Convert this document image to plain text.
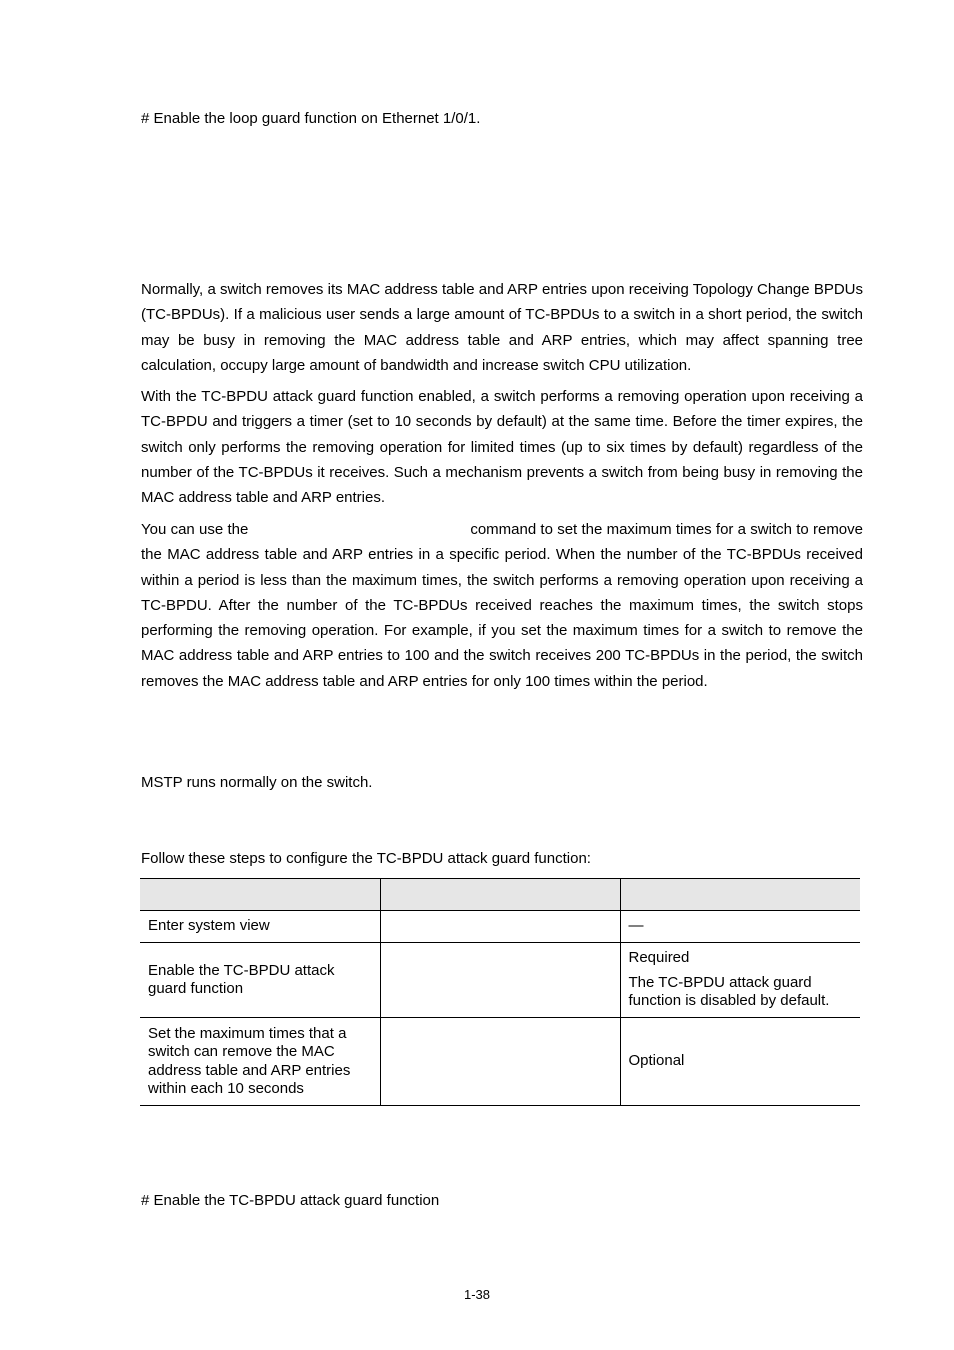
# Enable the loop guard function on Ethernet 1/0/1.
Normally, a switch removes its MAC address table and ARP entries upon receiving Topology Change BPDUs (TC-BPDUs). If a malicious user sends a large amount of TC-BPDUs to a switch in a short period, the switch may be busy in removing the MAC address table and ARP entries, which may affect spanning tree calculation, occupy large amount of bandwidth and increase switch CPU utilization.
With the TC-BPDU attack guard function enabled, a switch performs a removing operation upon receiving a TC-BPDU and triggers a timer (set to 10 seconds by default) at the same time. Before the timer expires, the switch only performs the removing operation for limited times (up to six times by default) regardless of the number of the TC-BPDUs it receives. Such a mechanism prevents a switch from being busy in removing the MAC address table and ARP entries.
You can use the	command to set the maximum times for a switch to remove the MAC address table and ARP entries in a specific period. When the number of the TC-BPDUs received within a period is less than the maximum times, the switch performs a removing operation upon receiving a TC-BPDU. After the number of the TC-BPDUs received reaches the maximum times, the switch stops performing the removing operation. For example, if you set the maximum times for a switch to remove the MAC address table and ARP entries to 100 and the switch receives 200 TC-BPDUs in the period, the switch removes the MAC address table and ARP entries for only 100 times within the period.
MSTP runs normally on the switch.
Follow these steps to configure the TC-BPDU attack guard function:

Enter system view		—

Enable the TC-BPDU attack guard function		Required

The TC-BPDU attack guard function is disabled by default.

Set the maximum times that a switch can remove the MAC address table and ARP entries within each 10 seconds		Optional

# Enable the TC-BPDU attack guard function
1-38
